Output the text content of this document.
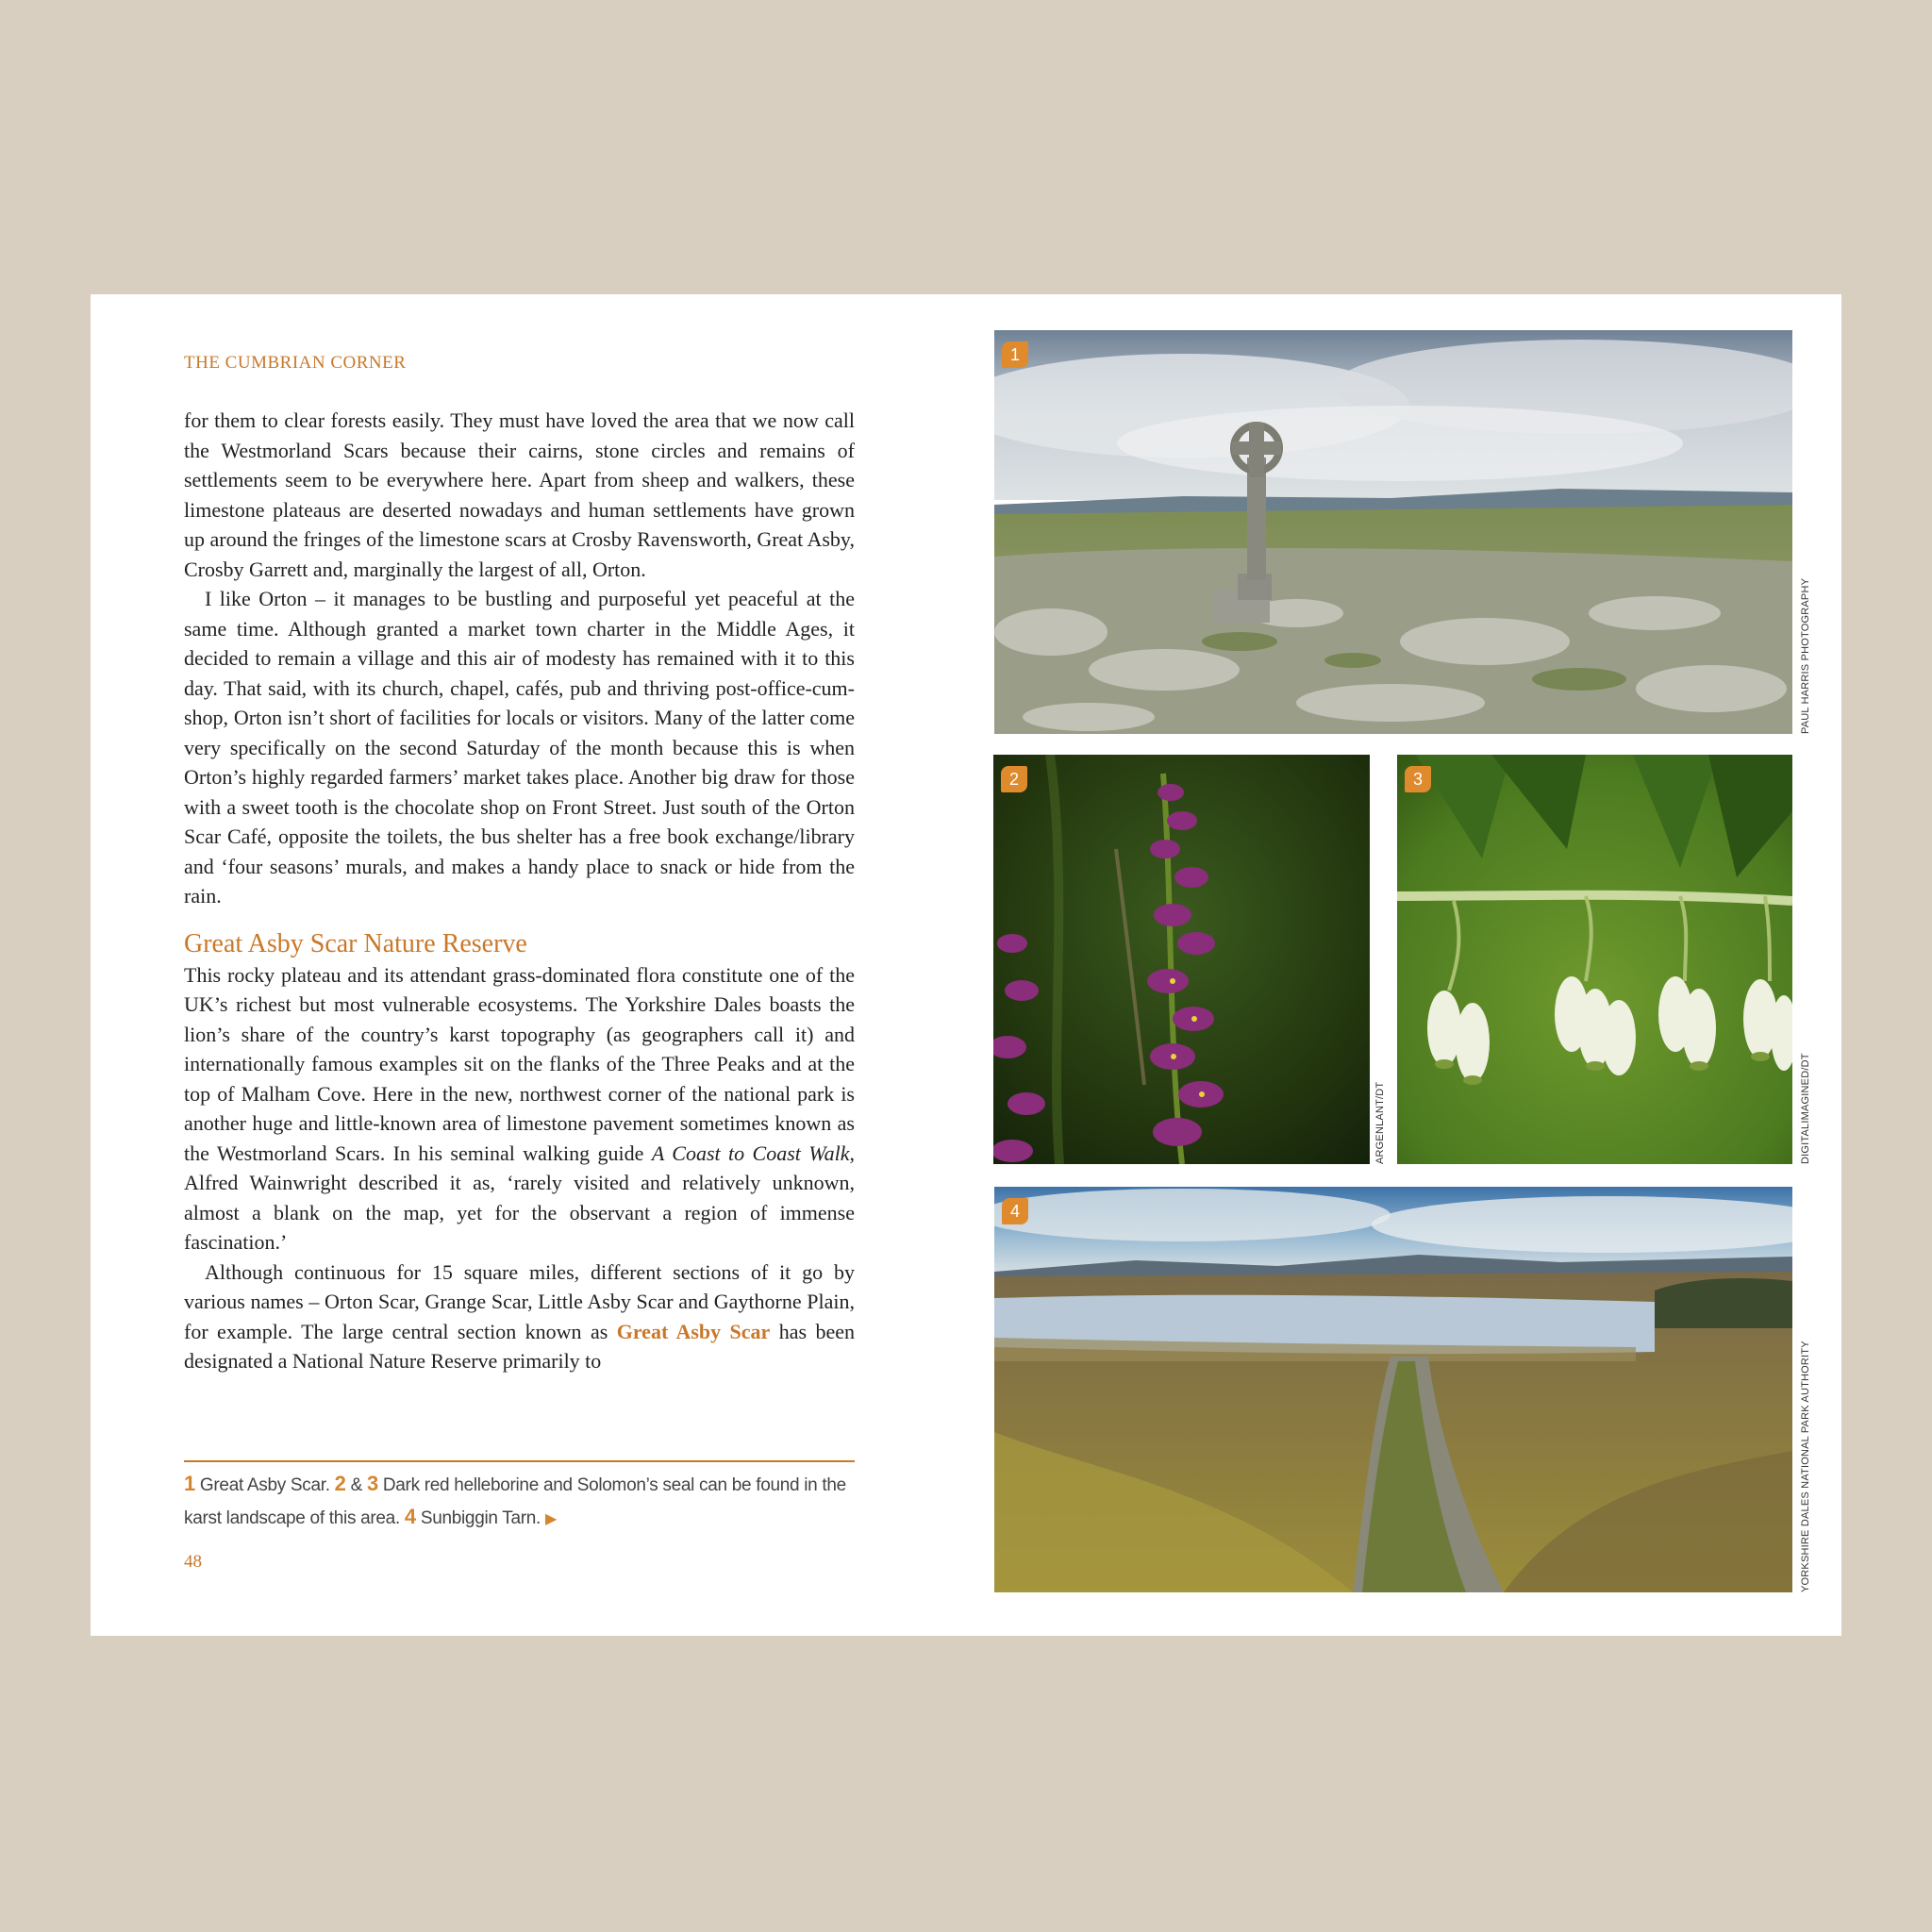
THE CUMBRIAN CORNER

for them to clear forests easily. They must have loved the area that we now call the Westmorland Scars because their cairns, stone circles and remains of settlements seem to be everywhere here. Apart from sheep and walkers, these limestone plateaus are deserted nowadays and human settlements have grown up around the fringes of the limestone scars at Crosby Ravensworth, Great Asby, Crosby Garrett and, marginally the largest of all, Orton.

I like Orton – it manages to be bustling and purposeful yet peaceful at the same time. Although granted a market town charter in the Middle Ages, it decided to remain a village and this air of modesty has remained with it to this day. That said, with its church, chapel, cafés, pub and thriving post-office-cum-shop, Orton isn’t short of facilities for locals or visitors. Many of the latter come very specifically on the second Saturday of the month because this is when Orton’s highly regarded farmers’ market takes place. Another big draw for those with a sweet tooth is the chocolate shop on Front Street. Just south of the Orton Scar Café, opposite the toilets, the bus shelter has a free book exchange/library and ‘four seasons’ murals, and makes a handy place to snack or hide from the rain.

Great Asby Scar Nature Reserve

This rocky plateau and its attendant grass-dominated flora constitute one of the UK’s richest but most vulnerable ecosystems. The Yorkshire Dales boasts the lion’s share of the country’s karst topography (as geographers call it) and internationally famous examples sit on the flanks of the Three Peaks and at the top of Malham Cove. Here in the new, northwest corner of the national park is another huge and little-known area of limestone pavement sometimes known as the Westmorland Scars. In his seminal walking guide A Coast to Coast Walk, Alfred Wainwright described it as, ‘rarely visited and relatively unknown, almost a blank on the map, yet for the observant a region of immense fascination.’

Although continuous for 15 square miles, different sections of it go by various names – Orton Scar, Grange Scar, Little Asby Scar and Gaythorne Plain, for example. The large central section known as Great Asby Scar has been designated a National Nature Reserve primarily to

1 Great Asby Scar. 2 & 3 Dark red helleborine and Solomon’s seal can be found in the karst landscape of this area. 4 Sunbiggin Tarn. ▶
48
1
PAUL HARRIS PHOTOGRAPHY
2
ARGENLANT/DT
3
DIGITALIMAGINED/DT
4
YORKSHIRE DALES NATIONAL PARK AUTHORITY
